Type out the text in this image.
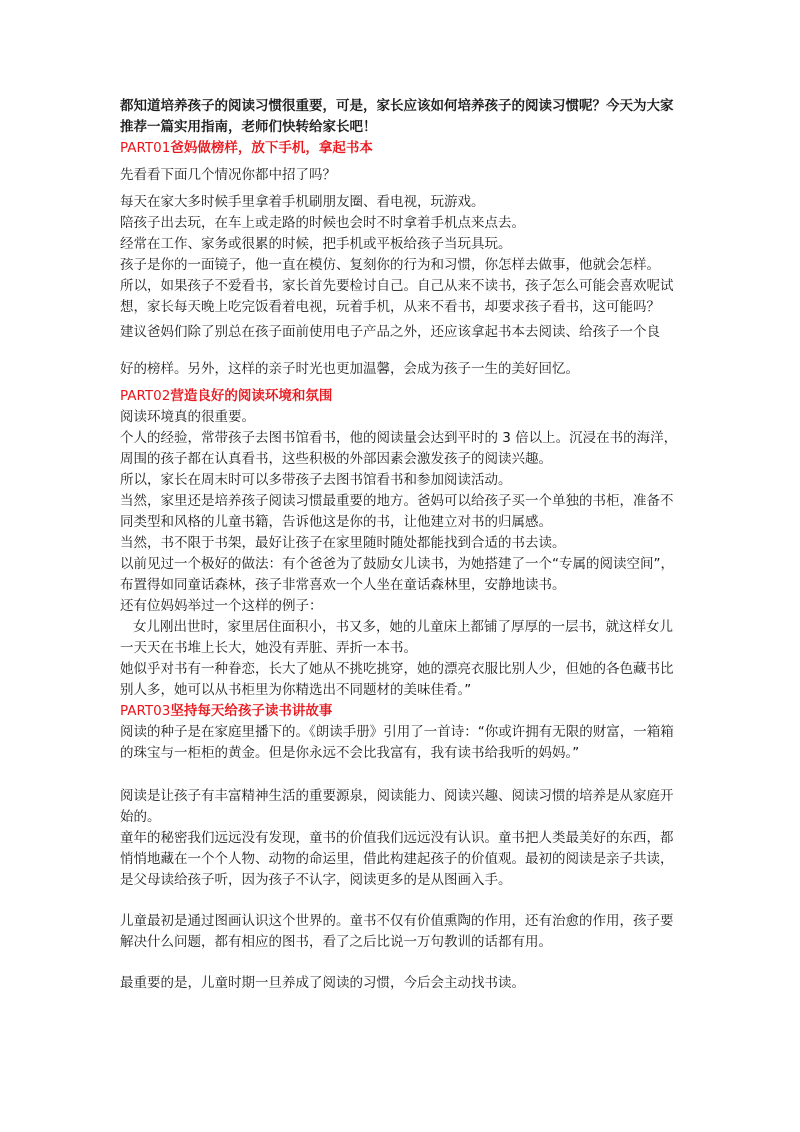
都知道培养孩子的阅读习惯很重要，可是，家长应该如何培养孩子的阅读习惯呢？今天为大家推荐一篇实用指南，老师们快转给家长吧！

PART01爸妈做榜样，放下手机，拿起书本

先看看下面几个情况你都中招了吗？

每天在家大多时候手里拿着手机刷朋友圈、看电视，玩游戏。

陪孩子出去玩，在车上或走路的时候也会时不时拿着手机点来点去。

经常在工作、家务或很累的时候，把手机或平板给孩子当玩具玩。

孩子是你的一面镜子，他一直在模仿、复刻你的行为和习惯，你怎样去做事，他就会怎样。

所以，如果孩子不爱看书，家长首先要检讨自己。自己从来不读书，孩子怎么可能会喜欢呢试想，家长每天晚上吃完饭看着电视，玩着手机，从来不看书，却要求孩子看书，这可能吗？

建议爸妈们除了别总在孩子面前使用电子产品之外，还应该拿起书本去阅读、给孩子一个良

好的榜样。另外，这样的亲子时光也更加温馨，会成为孩子一生的美好回忆。

PART02营造良好的阅读环境和氛围

阅读环境真的很重要。

个人的经验，常带孩子去图书馆看书，他的阅读量会达到平时的 3 倍以上。沉浸在书的海洋，周围的孩子都在认真看书，这些积极的外部因素会激发孩子的阅读兴趣。

所以，家长在周末时可以多带孩子去图书馆看书和参加阅读活动。

当然，家里还是培养孩子阅读习惯最重要的地方。爸妈可以给孩子买一个单独的书柜，准备不同类型和风格的儿童书籍，告诉他这是你的书，让他建立对书的归属感。

当然，书不限于书架，最好让孩子在家里随时随处都能找到合适的书去读。

以前见过一个极好的做法：有个爸爸为了鼓励女儿读书，为她搭建了一个“专属的阅读空间”，布置得如同童话森林，孩子非常喜欢一个人坐在童话森林里，安静地读书。

还有位妈妈举过一个这样的例子：

女儿刚出世时，家里居住面积小，书又多，她的儿童床上都铺了厚厚的一层书，就这样女儿一天天在书堆上长大，她没有弄脏、弄折一本书。

她似乎对书有一种眷恋，长大了她从不挑吃挑穿，她的漂亮衣服比别人少，但她的各色藏书比别人多，她可以从书柜里为你精选出不同题材的美味佳肴。”

PART03坚持每天给孩子读书讲故事

阅读的种子是在家庭里播下的。《朗读手册》引用了一首诗：“你或许拥有无限的财富，一箱箱的珠宝与一柜柜的黄金。但是你永远不会比我富有，我有读书给我听的妈妈。”

阅读是让孩子有丰富精神生活的重要源泉，阅读能力、阅读兴趣、阅读习惯的培养是从家庭开始的。

童年的秘密我们远远没有发现，童书的价值我们远远没有认识。童书把人类最美好的东西，都悄悄地藏在一个个人物、动物的命运里，借此构建起孩子的价值观。最初的阅读是亲子共读，是父母读给孩子听，因为孩子不认字，阅读更多的是从图画入手。

儿童最初是通过图画认识这个世界的。童书不仅有价值熏陶的作用，还有治愈的作用，孩子要解决什么问题，都有相应的图书，看了之后比说一万句教训的话都有用。

最重要的是，儿童时期一旦养成了阅读的习惯，今后会主动找书读。
